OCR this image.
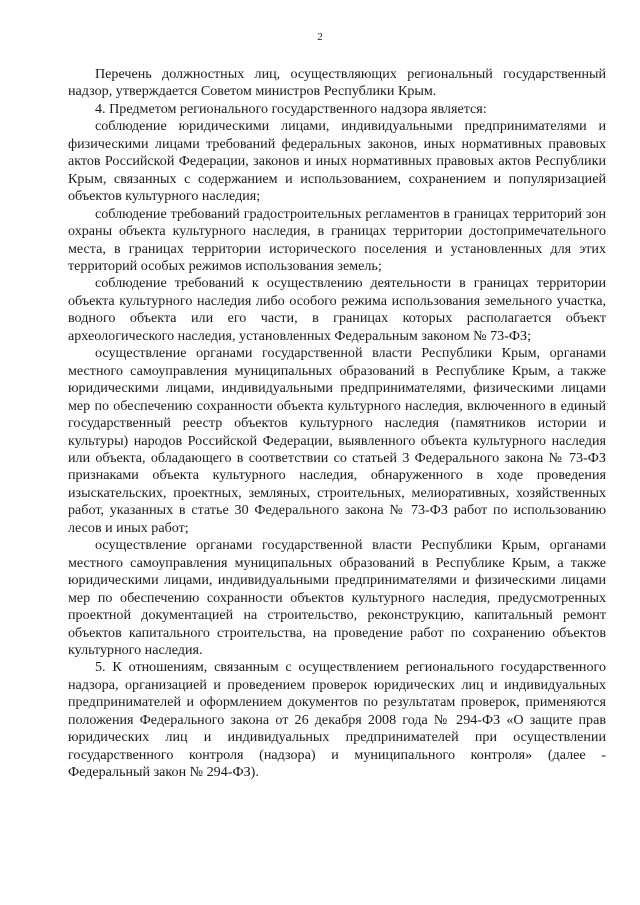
2

Перечень должностных лиц, осуществляющих региональный государственный надзор, утверждается Советом министров Республики Крым.

4. Предметом регионального государственного надзора является:

соблюдение юридическими лицами, индивидуальными предпринимателями и физическими лицами требований федеральных законов, иных нормативных правовых актов Российской Федерации, законов и иных нормативных правовых актов Республики Крым, связанных с содержанием и использованием, сохранением и популяризацией объектов культурного наследия;

соблюдение требований градостроительных регламентов в границах территорий зон охраны объекта культурного наследия, в границах территории достопримечательного места, в границах территории исторического поселения и установленных для этих территорий особых режимов использования земель;

соблюдение требований к осуществлению деятельности в границах территории объекта культурного наследия либо особого режима использования земельного участка, водного объекта или его части, в границах которых располагается объект археологического наследия, установленных Федеральным законом № 73-ФЗ;

осуществление органами государственной власти Республики Крым, органами местного самоуправления муниципальных образований в Республике Крым, а также юридическими лицами, индивидуальными предпринимателями, физическими лицами мер по обеспечению сохранности объекта культурного наследия, включенного в единый государственный реестр объектов культурного наследия (памятников истории и культуры) народов Российской Федерации, выявленного объекта культурного наследия или объекта, обладающего в соответствии со статьей 3 Федерального закона № 73-ФЗ признаками объекта культурного наследия, обнаруженного в ходе проведения изыскательских, проектных, земляных, строительных, мелиоративных, хозяйственных работ, указанных в статье 30 Федерального закона № 73-ФЗ работ по использованию лесов и иных работ;

осуществление органами государственной власти Республики Крым, органами местного самоуправления муниципальных образований в Республике Крым, а также юридическими лицами, индивидуальными предпринимателями и физическими лицами мер по обеспечению сохранности объектов культурного наследия, предусмотренных проектной документацией на строительство, реконструкцию, капитальный ремонт объектов капитального строительства, на проведение работ по сохранению объектов культурного наследия.

5. К отношениям, связанным с осуществлением регионального государственного надзора, организацией и проведением проверок юридических лиц и индивидуальных предпринимателей и оформлением документов по результатам проверок, применяются положения Федерального закона от 26 декабря 2008 года № 294-ФЗ «О защите прав юридических лиц и индивидуальных предпринимателей при осуществлении государственного контроля (надзора) и муниципального контроля» (далее - Федеральный закон № 294-ФЗ).
